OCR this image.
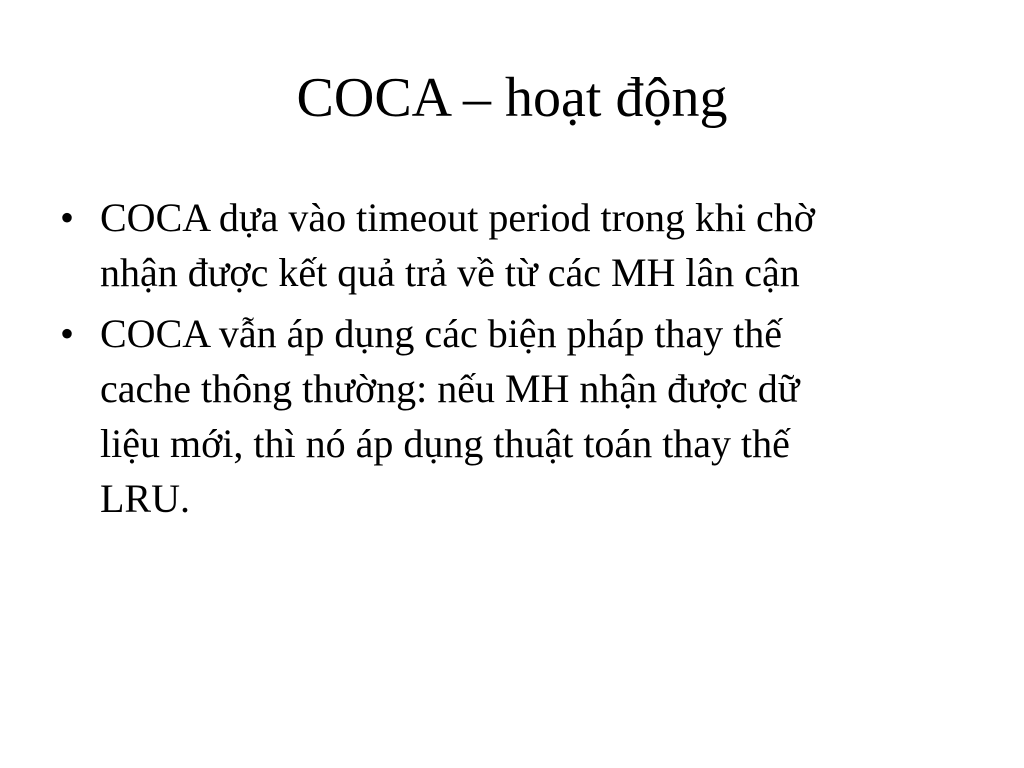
COCA – hoạt động
• COCA dựa vào timeout period trong khi chờ
nhận được kết quả trả về từ các MH lân cận
• COCA vẫn áp dụng các biện pháp thay thế
cache thông thường: nếu MH nhận được dữ
liệu mới, thì nó áp dụng thuật toán thay thế
LRU.
